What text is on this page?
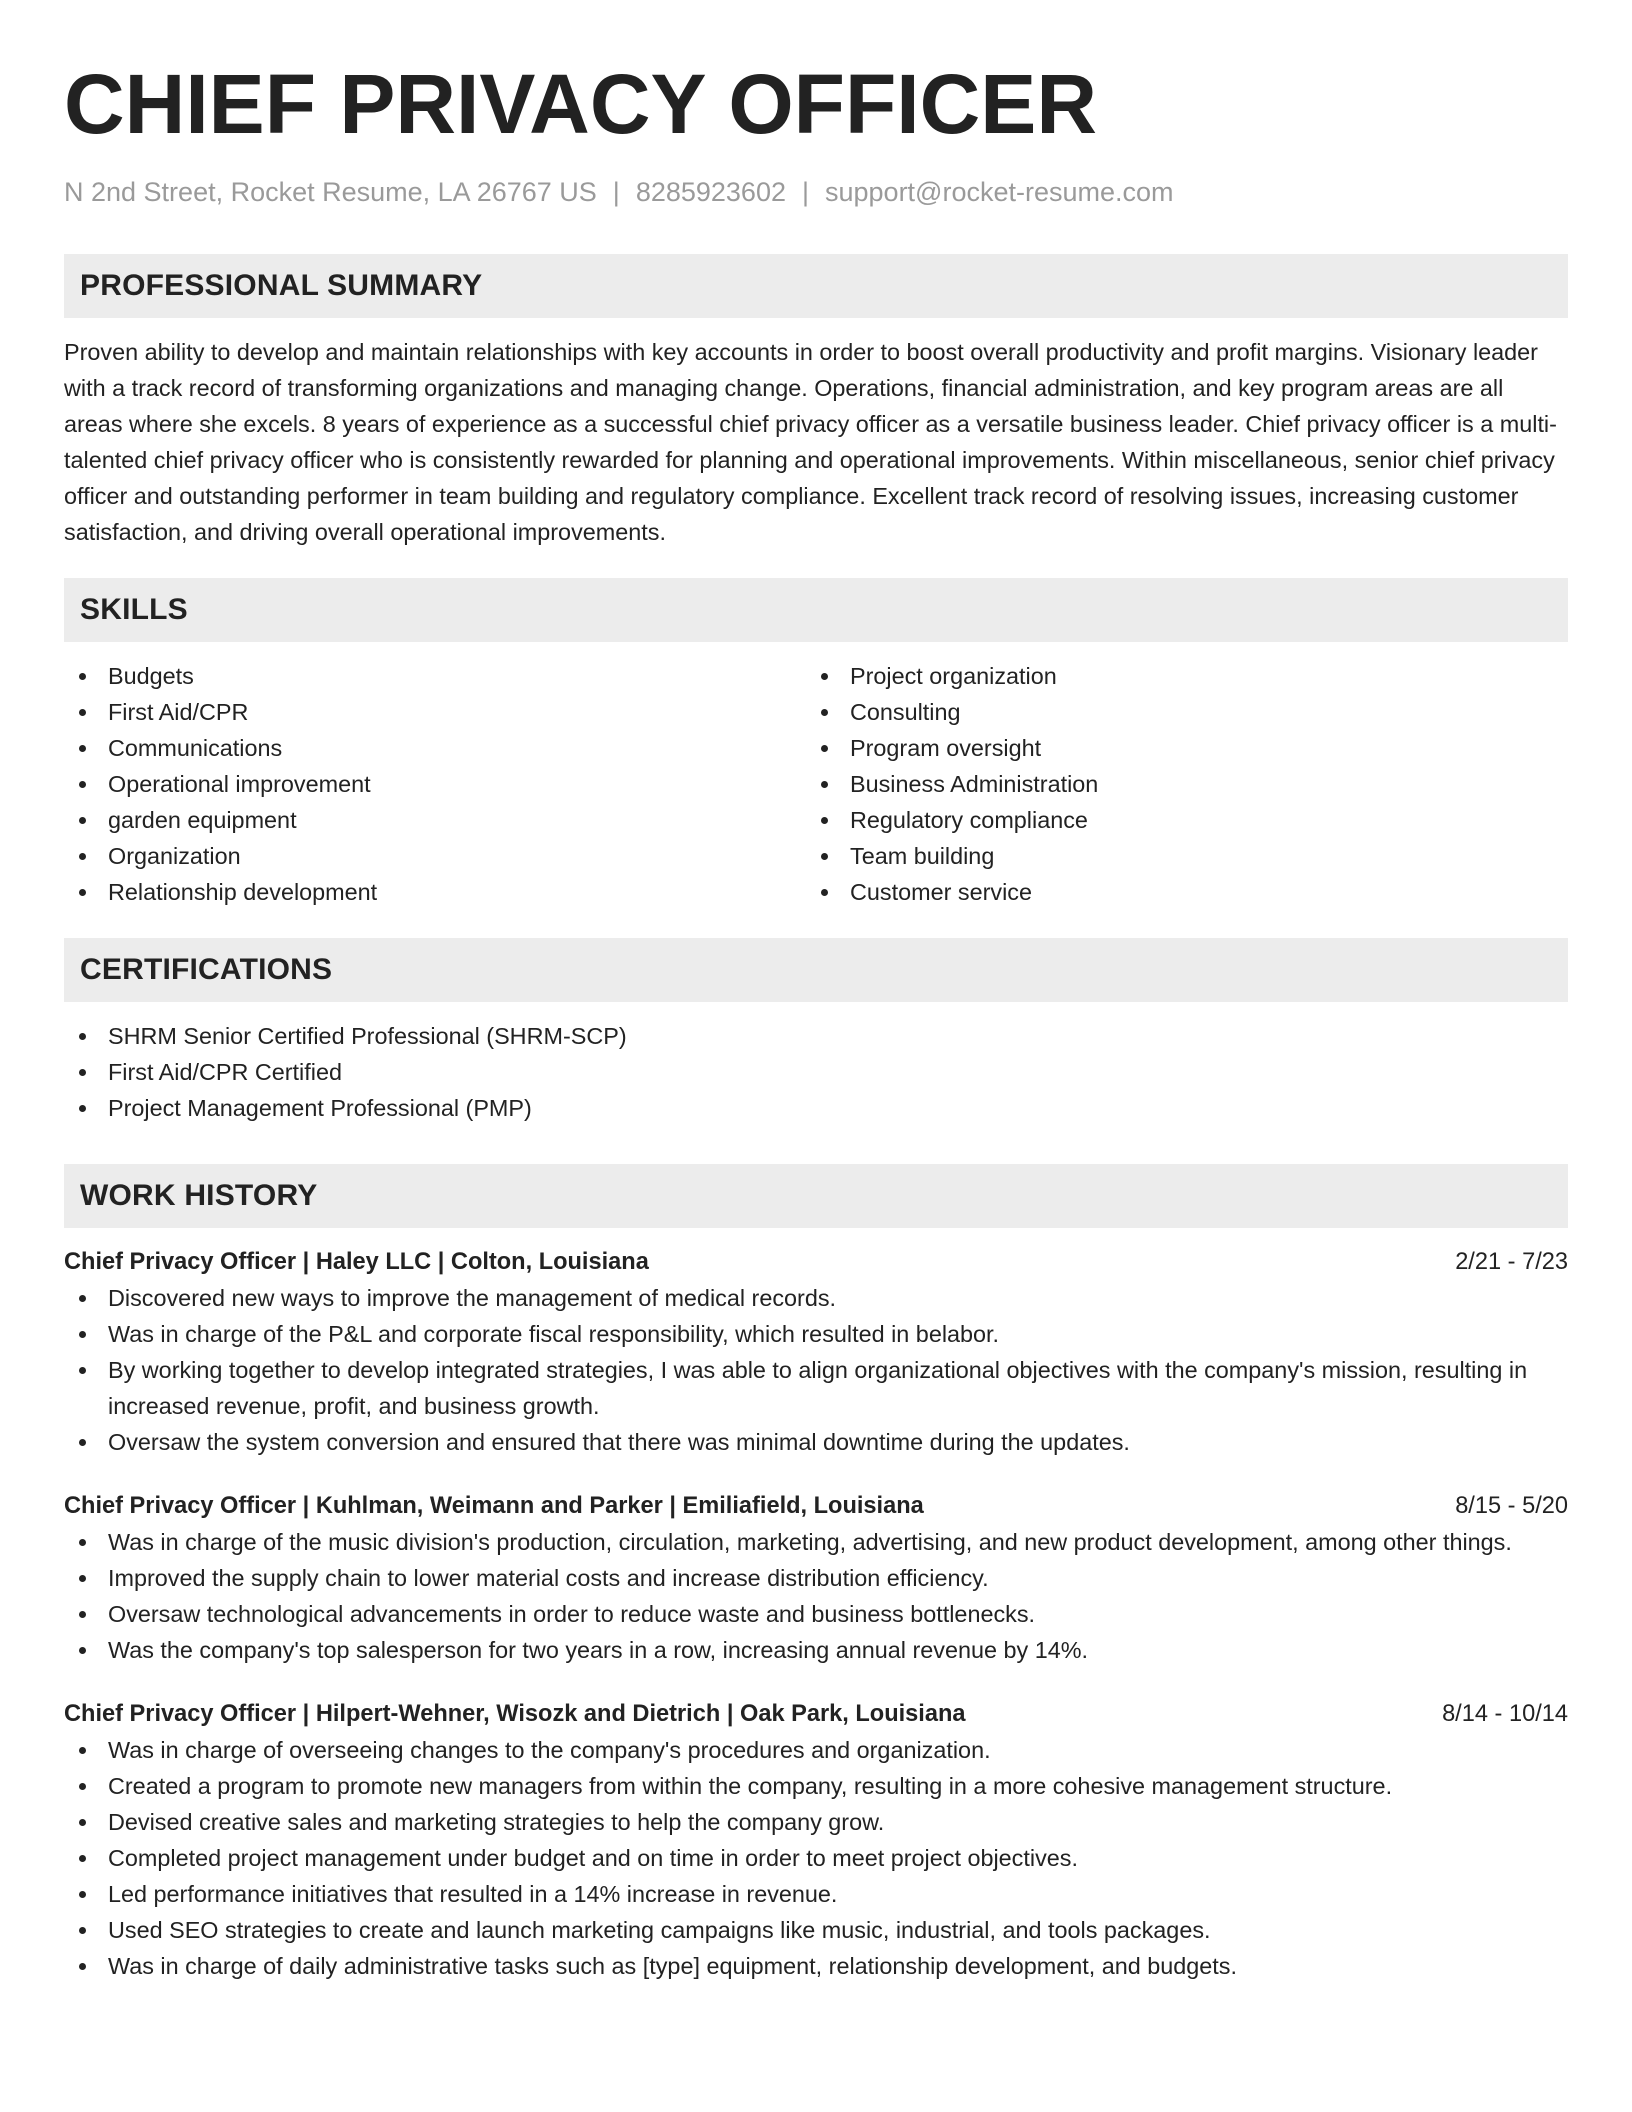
CHIEF PRIVACY OFFICER
N 2nd Street, Rocket Resume, LA 26767 US | 8285923602 | support@rocket-resume.com
PROFESSIONAL SUMMARY

Proven ability to develop and maintain relationships with key accounts in order to boost overall productivity and profit margins. Visionary leader with a track record of transforming organizations and managing change. Operations, financial administration, and key program areas are all areas where she excels. 8 years of experience as a successful chief privacy officer as a versatile business leader. Chief privacy officer is a multi-talented chief privacy officer who is consistently rewarded for planning and operational improvements. Within miscellaneous, senior chief privacy officer and outstanding performer in team building and regulatory compliance. Excellent track record of resolving issues, increasing customer satisfaction, and driving overall operational improvements.

SKILLS
Budgets
First Aid/CPR
Communications
Operational improvement
garden equipment
Organization
Relationship development
Project organization
Consulting
Program oversight
Business Administration
Regulatory compliance
Team building
Customer service
CERTIFICATIONS
SHRM Senior Certified Professional (SHRM-SCP)
First Aid/CPR Certified
Project Management Professional (PMP)
WORK HISTORY
Chief Privacy Officer | Haley LLC | Colton, Louisiana	2/21 - 7/23
Discovered new ways to improve the management of medical records.
Was in charge of the P&L and corporate fiscal responsibility, which resulted in belabor.
By working together to develop integrated strategies, I was able to align organizational objectives with the company's mission, resulting in increased revenue, profit, and business growth.
Oversaw the system conversion and ensured that there was minimal downtime during the updates.
Chief Privacy Officer | Kuhlman, Weimann and Parker | Emiliafield, Louisiana	8/15 - 5/20
Was in charge of the music division's production, circulation, marketing, advertising, and new product development, among other things.
Improved the supply chain to lower material costs and increase distribution efficiency.
Oversaw technological advancements in order to reduce waste and business bottlenecks.
Was the company's top salesperson for two years in a row, increasing annual revenue by 14%.
Chief Privacy Officer | Hilpert-Wehner, Wisozk and Dietrich | Oak Park, Louisiana	8/14 - 10/14
Was in charge of overseeing changes to the company's procedures and organization.
Created a program to promote new managers from within the company, resulting in a more cohesive management structure.
Devised creative sales and marketing strategies to help the company grow.
Completed project management under budget and on time in order to meet project objectives.
Led performance initiatives that resulted in a 14% increase in revenue.
Used SEO strategies to create and launch marketing campaigns like music, industrial, and tools packages.
Was in charge of daily administrative tasks such as [type] equipment, relationship development, and budgets.
